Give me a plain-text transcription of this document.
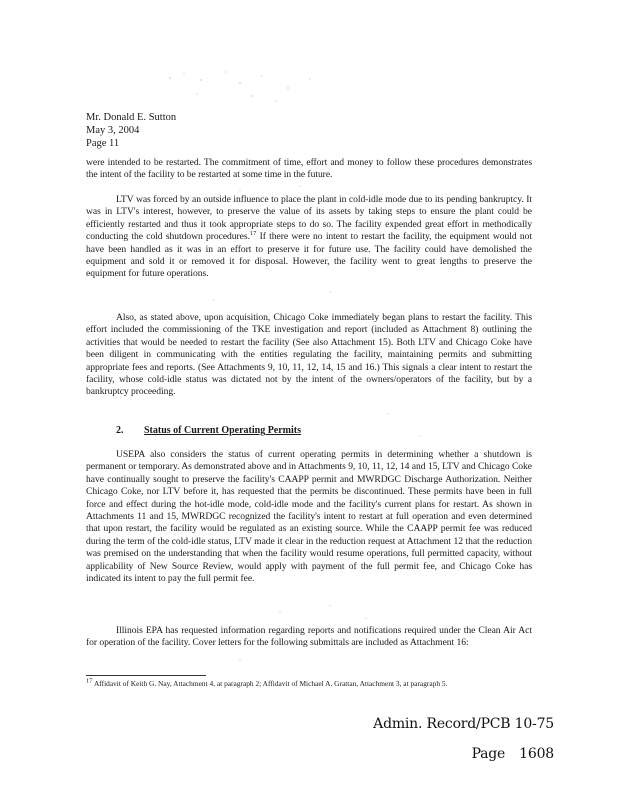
Mr. Donald E. Sutton
May 3, 2004
Page 11

were intended to be restarted. The commitment of time, effort and money to follow these procedures demonstrates the intent of the facility to be restarted at some time in the future.

LTV was forced by an outside influence to place the plant in cold-idle mode due to its pending bankruptcy. It was in LTV's interest, however, to preserve the value of its assets by taking steps to ensure the plant could be efficiently restarted and thus it took appropriate steps to do so. The facility expended great effort in methodically conducting the cold shutdown procedures.$^{17}$ If there were no intent to restart the facility, the equipment would not have been handled as it was in an effort to preserve it for future use. The facility could have demolished the equipment and sold it or removed it for disposal. However, the facility went to great lengths to preserve the equipment for future operations.

Also, as stated above, upon acquisition, Chicago Coke immediately began plans to restart the facility. This effort included the commissioning of the TKE investigation and report (included as Attachment 8) outlining the activities that would be needed to restart the facility (See also Attachment 15). Both LTV and Chicago Coke have been diligent in communicating with the entities regulating the facility, maintaining permits and submitting appropriate fees and reports. (See Attachments 9, 10, 11, 12, 14, 15 and 16.) This signals a clear intent to restart the facility, whose cold-idle status was dictated not by the intent of the owners/operators of the facility, but by a bankruptcy proceeding.

2. Status of Current Operating Permits

USEPA also considers the status of current operating permits in determining whether a shutdown is permanent or temporary. As demonstrated above and in Attachments 9, 10, 11, 12, 14 and 15, LTV and Chicago Coke have continually sought to preserve the facility's CAAPP permit and MWRDGC Discharge Authorization. Neither Chicago Coke, nor LTV before it, has requested that the permits be discontinued. These permits have been in full force and effect during the hot-idle mode, cold-idle mode and the facility's current plans for restart. As shown in Attachments 11 and 15, MWRDGC recognized the facility's intent to restart at full operation and even determined that upon restart, the facility would be regulated as an existing source. While the CAAPP permit fee was reduced during the term of the cold-idle status, LTV made it clear in the reduction request at Attachment 12 that the reduction was premised on the understanding that when the facility would resume operations, full permitted capacity, without applicability of New Source Review, would apply with payment of the full permit fee, and Chicago Coke has indicated its intent to pay the full permit fee.

Illinois EPA has requested information regarding reports and notifications required under the Clean Air Act for operation of the facility. Cover letters for the following submittals are included as Attachment 16:

$^{17}$ Affidavit of Keith G. Nay, Attachment 4, at paragraph 2; Affidavit of Michael A. Grattan, Attachment 3, at paragraph 5.
Admin. Record/PCB 10-75
Page 1608
